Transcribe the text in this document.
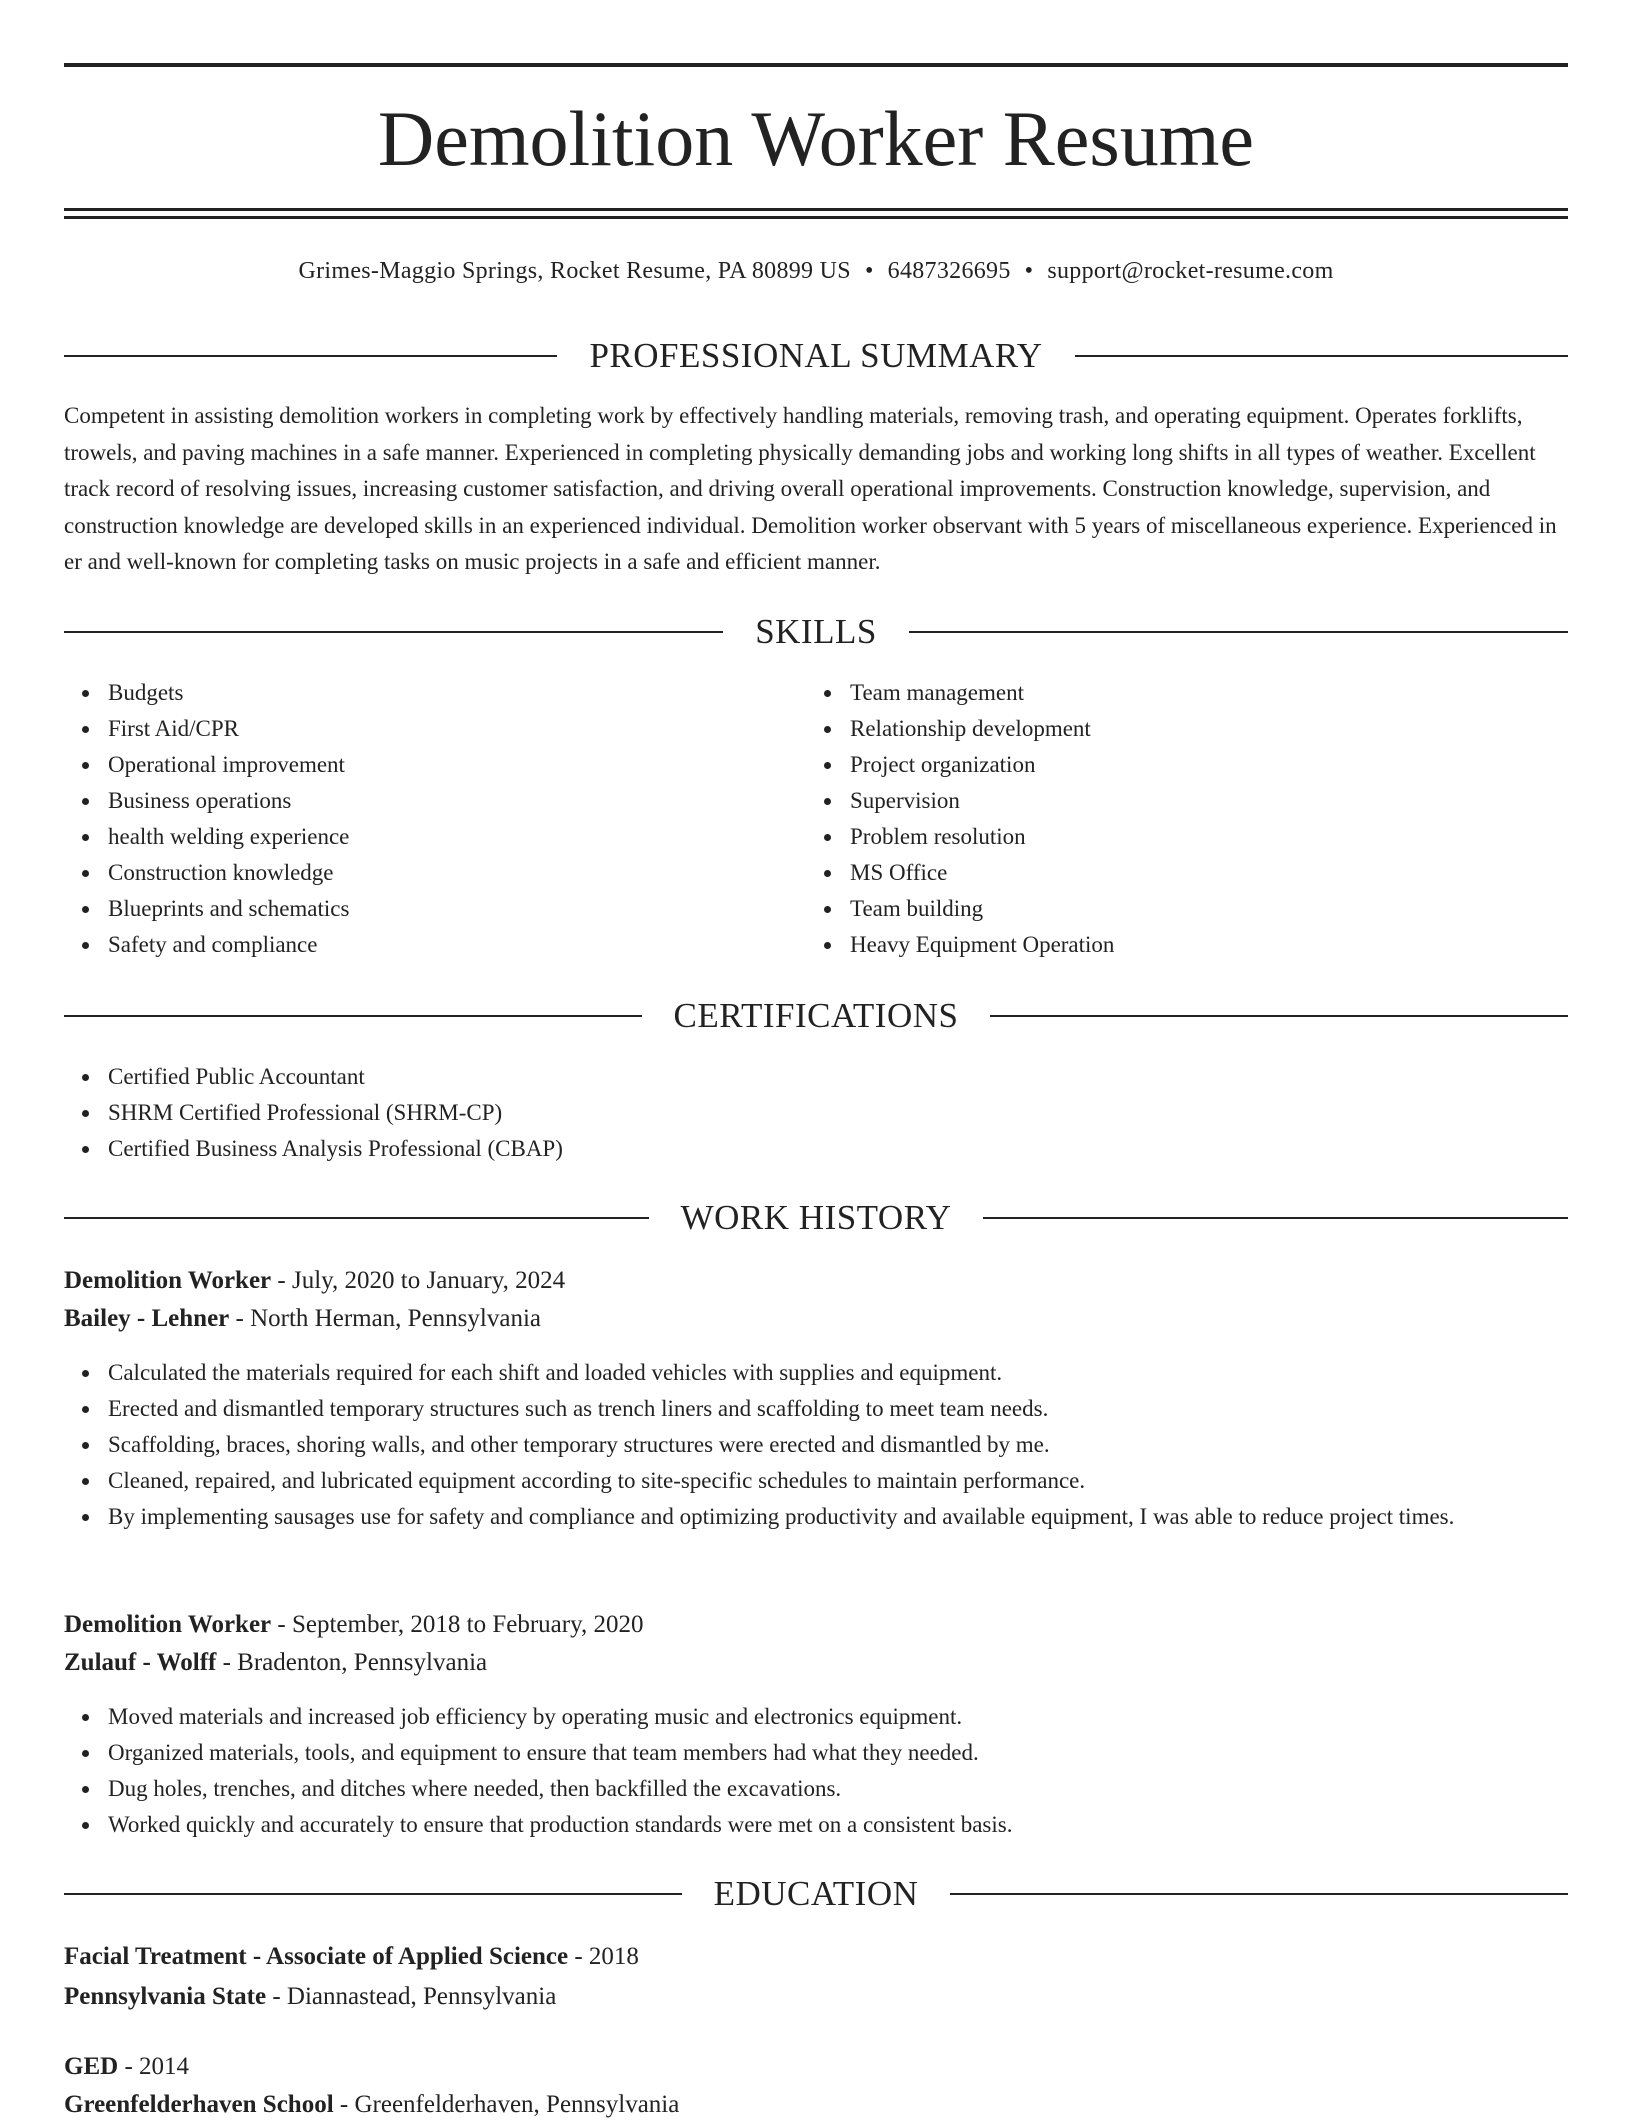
Demolition Worker Resume
Grimes-Maggio Springs, Rocket Resume, PA 80899 US • 6487326695 • support@rocket-resume.com
PROFESSIONAL SUMMARY

Competent in assisting demolition workers in completing work by effectively handling materials, removing trash, and operating equipment. Operates forklifts, trowels, and paving machines in a safe manner. Experienced in completing physically demanding jobs and working long shifts in all types of weather. Excellent track record of resolving issues, increasing customer satisfaction, and driving overall operational improvements. Construction knowledge, supervision, and construction knowledge are developed skills in an experienced individual. Demolition worker observant with 5 years of miscellaneous experience. Experienced in er and well-known for completing tasks on music projects in a safe and efficient manner.

SKILLS
Budgets
First Aid/CPR
Operational improvement
Business operations
health welding experience
Construction knowledge
Blueprints and schematics
Safety and compliance
Team management
Relationship development
Project organization
Supervision
Problem resolution
MS Office
Team building
Heavy Equipment Operation
CERTIFICATIONS
Certified Public Accountant
SHRM Certified Professional (SHRM-CP)
Certified Business Analysis Professional (CBAP)
WORK HISTORY
Demolition Worker - July, 2020 to January, 2024
Bailey - Lehner - North Herman, Pennsylvania
Calculated the materials required for each shift and loaded vehicles with supplies and equipment.
Erected and dismantled temporary structures such as trench liners and scaffolding to meet team needs.
Scaffolding, braces, shoring walls, and other temporary structures were erected and dismantled by me.
Cleaned, repaired, and lubricated equipment according to site-specific schedules to maintain performance.
By implementing sausages use for safety and compliance and optimizing productivity and available equipment, I was able to reduce project times.
Demolition Worker - September, 2018 to February, 2020
Zulauf - Wolff - Bradenton, Pennsylvania
Moved materials and increased job efficiency by operating music and electronics equipment.
Organized materials, tools, and equipment to ensure that team members had what they needed.
Dug holes, trenches, and ditches where needed, then backfilled the excavations.
Worked quickly and accurately to ensure that production standards were met on a consistent basis.
EDUCATION
Facial Treatment - Associate of Applied Science - 2018
Pennsylvania State - Diannastead, Pennsylvania
GED - 2014
Greenfelderhaven School - Greenfelderhaven, Pennsylvania
